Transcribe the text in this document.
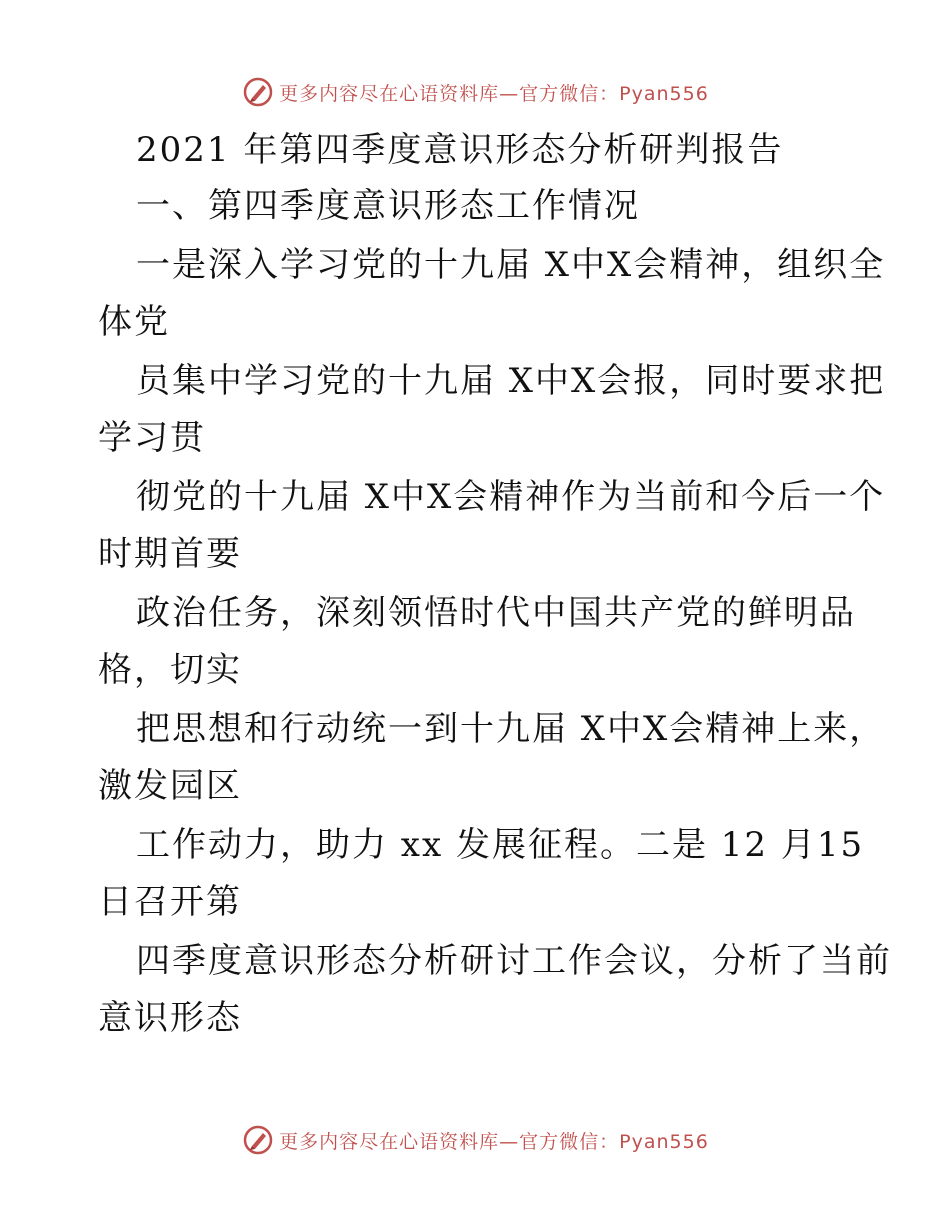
更多内容尽在心语资料库—官方微信：Pyan556
2021 年第四季度意识形态分析研判报告
一、第四季度意识形态工作情况
一是深入学习党的十九届 X中X会精神，组织全
体党
员集中学习党的十九届 X中X会报，同时要求把
学习贯
彻党的十九届 X中X会精神作为当前和今后一个
时期首要
政治任务，深刻领悟时代中国共产党的鲜明品
格，切实
把思想和行动统一到十九届 X中X会精神上来，
激发园区
工作动力，助力 xx 发展征程。二是 12 月15
日召开第
四季度意识形态分析研讨工作会议，分析了当前
意识形态
更多内容尽在心语资料库—官方微信：Pyan556
